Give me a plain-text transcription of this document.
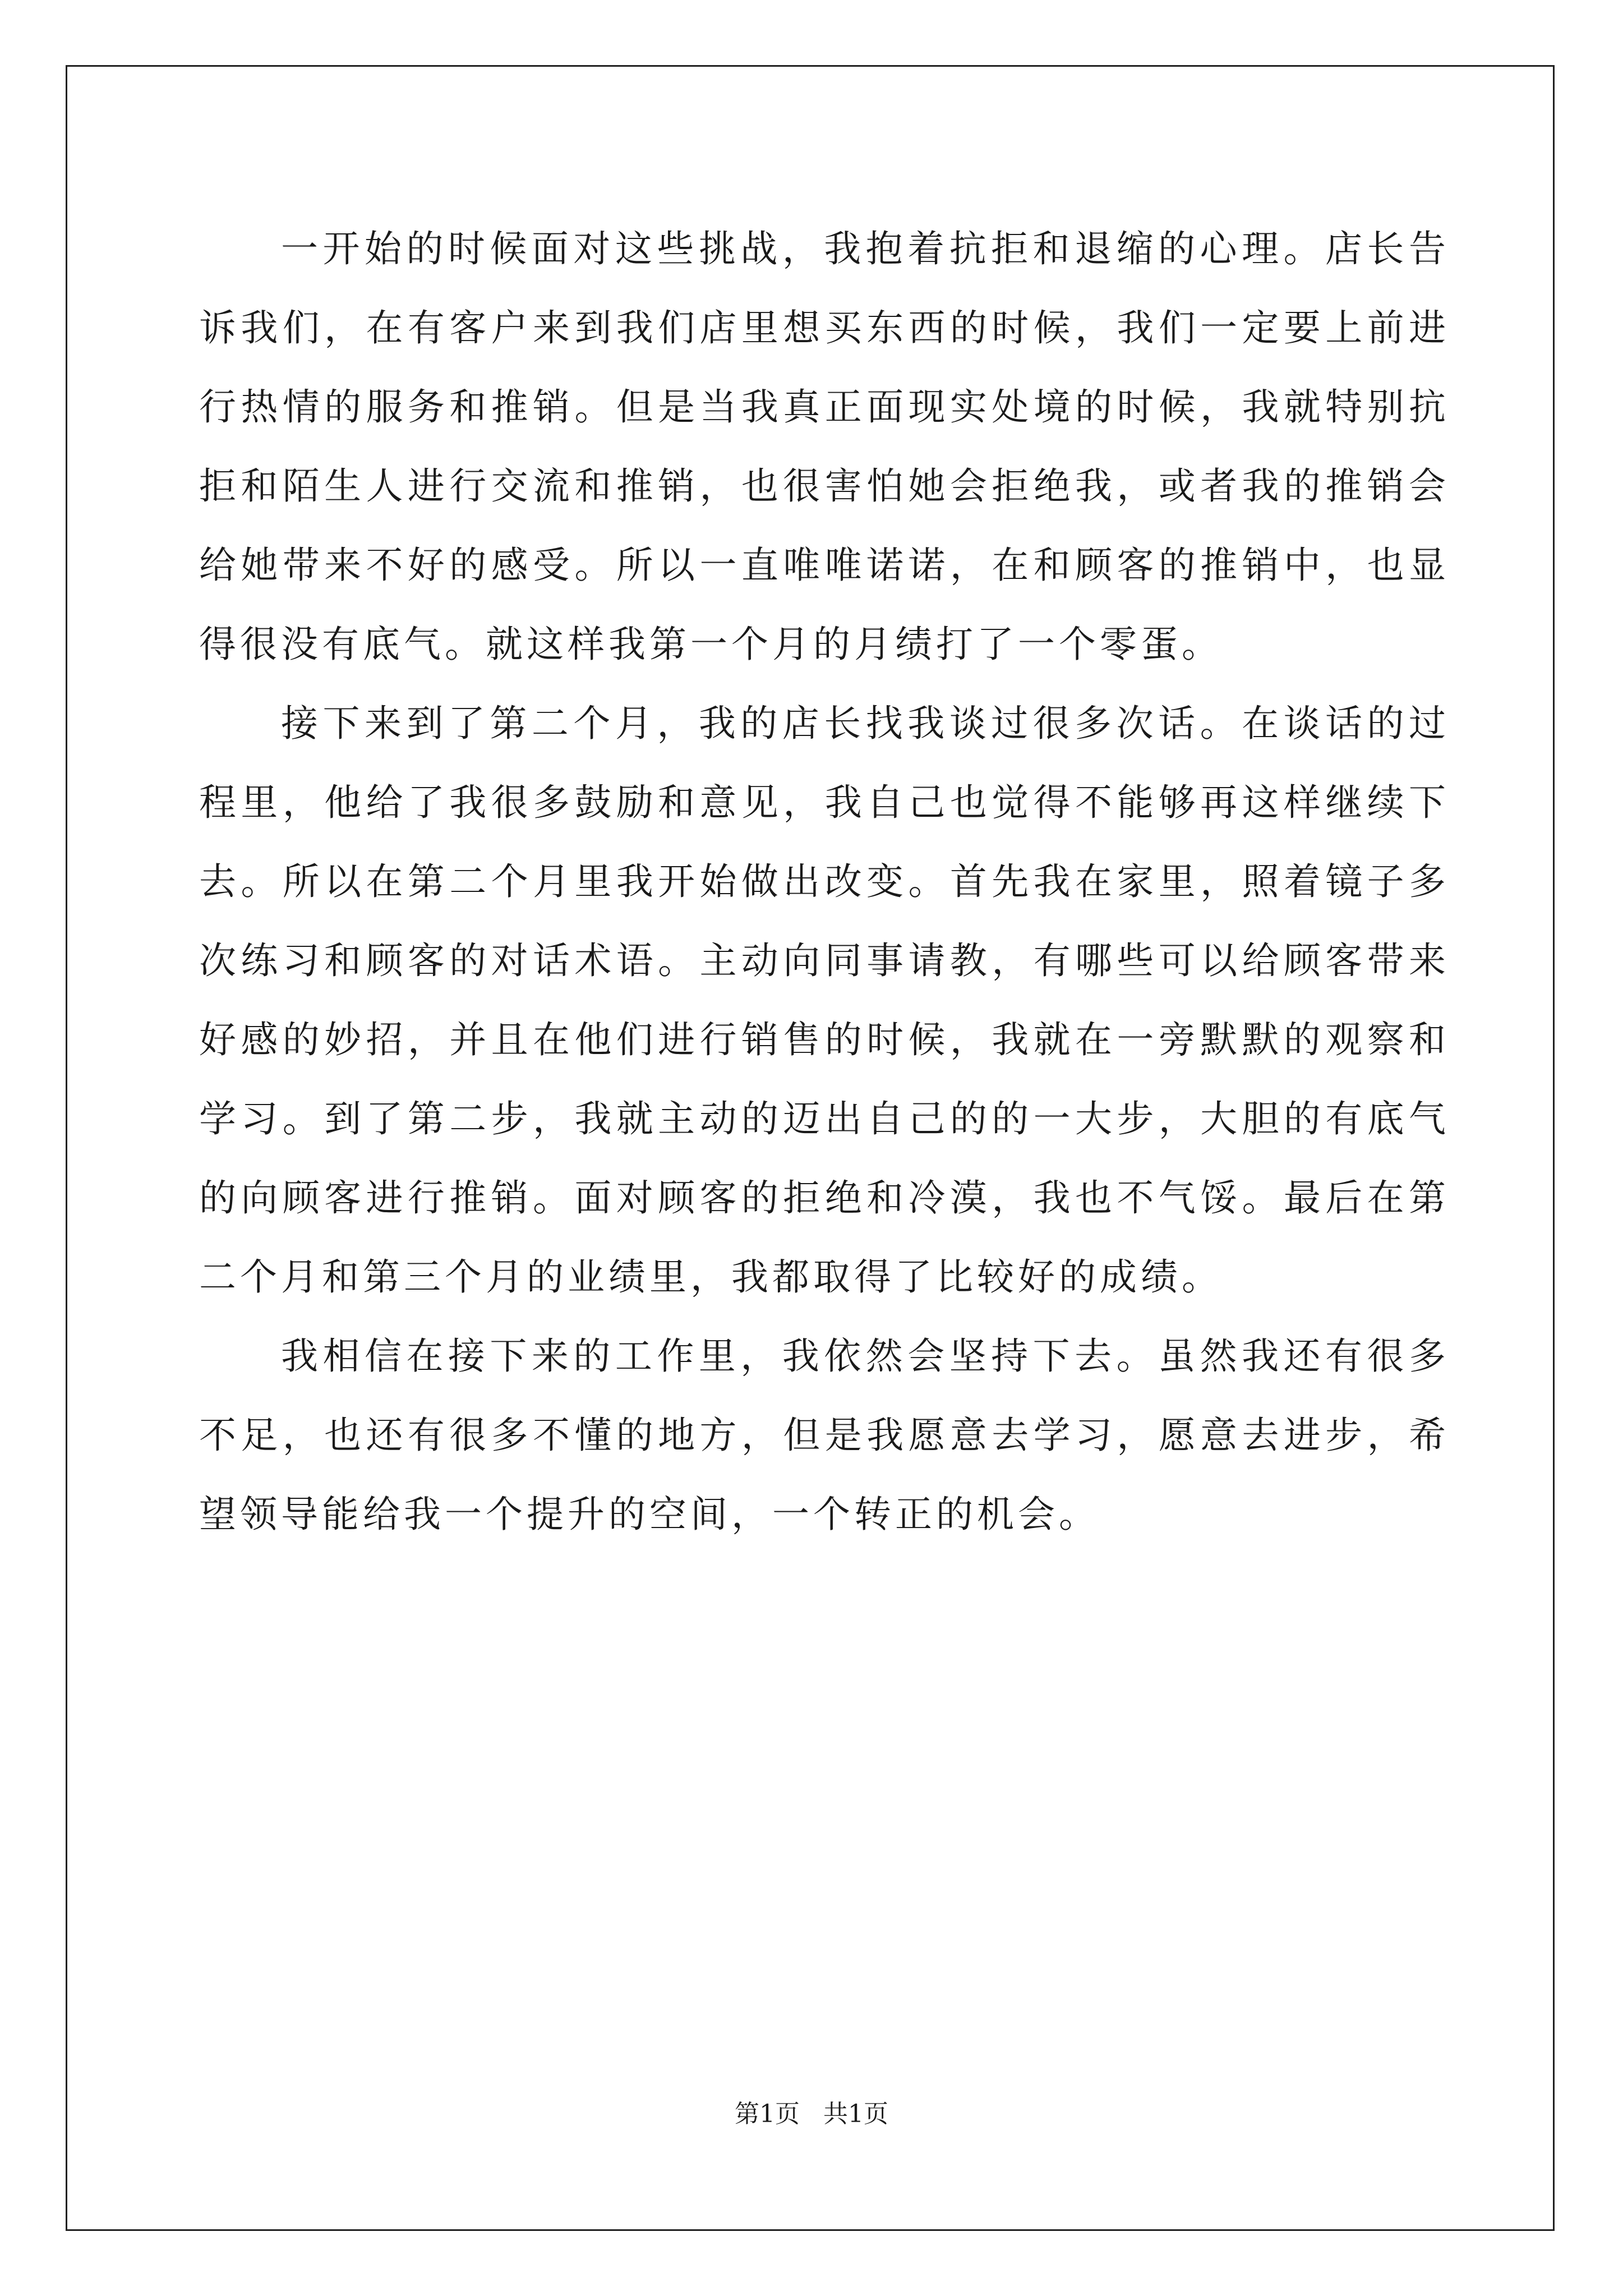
一开始的时候面对这些挑战，我抱着抗拒和退缩的心理。店长告诉我们，在有客户来到我们店里想买东西的时候，我们一定要上前进行热情的服务和推销。但是当我真正面现实处境的时候，我就特别抗拒和陌生人进行交流和推销，也很害怕她会拒绝我，或者我的推销会给她带来不好的感受。所以一直唯唯诺诺，在和顾客的推销中，也显得很没有底气。就这样我第一个月的月绩打了一个零蛋。

接下来到了第二个月，我的店长找我谈过很多次话。在谈话的过程里，他给了我很多鼓励和意见，我自己也觉得不能够再这样继续下去。所以在第二个月里我开始做出改变。首先我在家里，照着镜子多次练习和顾客的对话术语。主动向同事请教，有哪些可以给顾客带来好感的妙招，并且在他们进行销售的时候，我就在一旁默默的观察和学习。到了第二步，我就主动的迈出自己的的一大步，大胆的有底气的向顾客进行推销。面对顾客的拒绝和冷漠，我也不气馁。最后在第二个月和第三个月的业绩里，我都取得了比较好的成绩。

我相信在接下来的工作里，我依然会坚持下去。虽然我还有很多不足，也还有很多不懂的地方，但是我愿意去学习，愿意去进步，希望领导能给我一个提升的空间，一个转正的机会。

第1页   共1页
